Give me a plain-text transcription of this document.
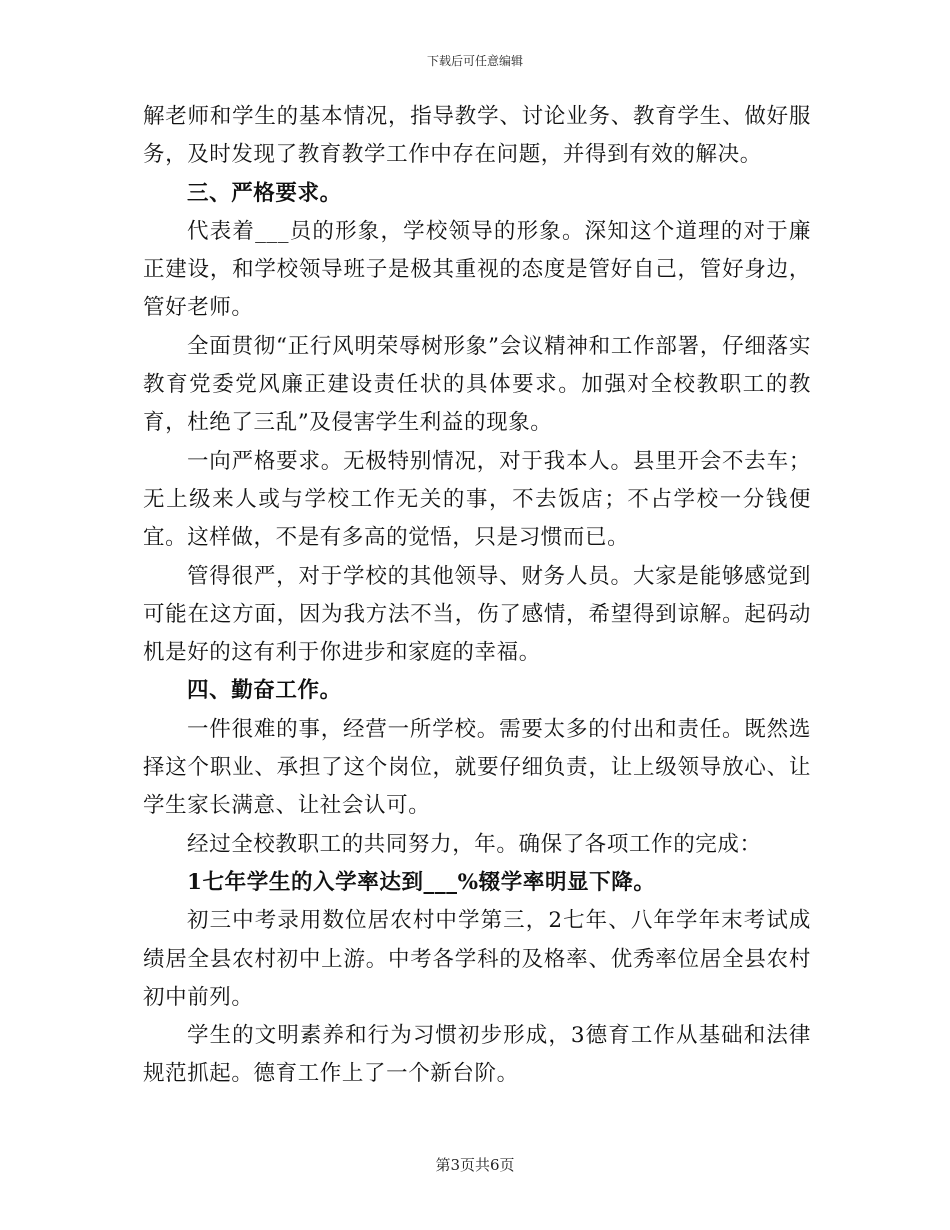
下载后可任意编辑

解老师和学生的基本情况，指导教学、讨论业务、教育学生、做好服务，及时发现了教育教学工作中存在问题，并得到有效的解决。

三、严格要求。

代表着___员的形象，学校领导的形象。深知这个道理的对于廉正建设，和学校领导班子是极其重视的态度是管好自己，管好身边，管好老师。

全面贯彻“正行风明荣辱树形象”会议精神和工作部署，仔细落实教育党委党风廉正建设责任状的具体要求。加强对全校教职工的教育，杜绝了三乱”及侵害学生利益的现象。

一向严格要求。无极特别情况，对于我本人。县里开会不去车；无上级来人或与学校工作无关的事，不去饭店；不占学校一分钱便宜。这样做，不是有多高的觉悟，只是习惯而已。

管得很严，对于学校的其他领导、财务人员。大家是能够感觉到可能在这方面，因为我方法不当，伤了感情，希望得到谅解。起码动机是好的这有利于你进步和家庭的幸福。

四、勤奋工作。

一件很难的事，经营一所学校。需要太多的付出和责任。既然选择这个职业、承担了这个岗位，就要仔细负责，让上级领导放心、让学生家长满意、让社会认可。

经过全校教职工的共同努力，年。确保了各项工作的完成：

1七年学生的入学率达到___%辍学率明显下降。

初三中考录用数位居农村中学第三，2七年、八年学年末考试成绩居全县农村初中上游。中考各学科的及格率、优秀率位居全县农村初中前列。

学生的文明素养和行为习惯初步形成，3德育工作从基础和法律规范抓起。德育工作上了一个新台阶。

第3页共6页
